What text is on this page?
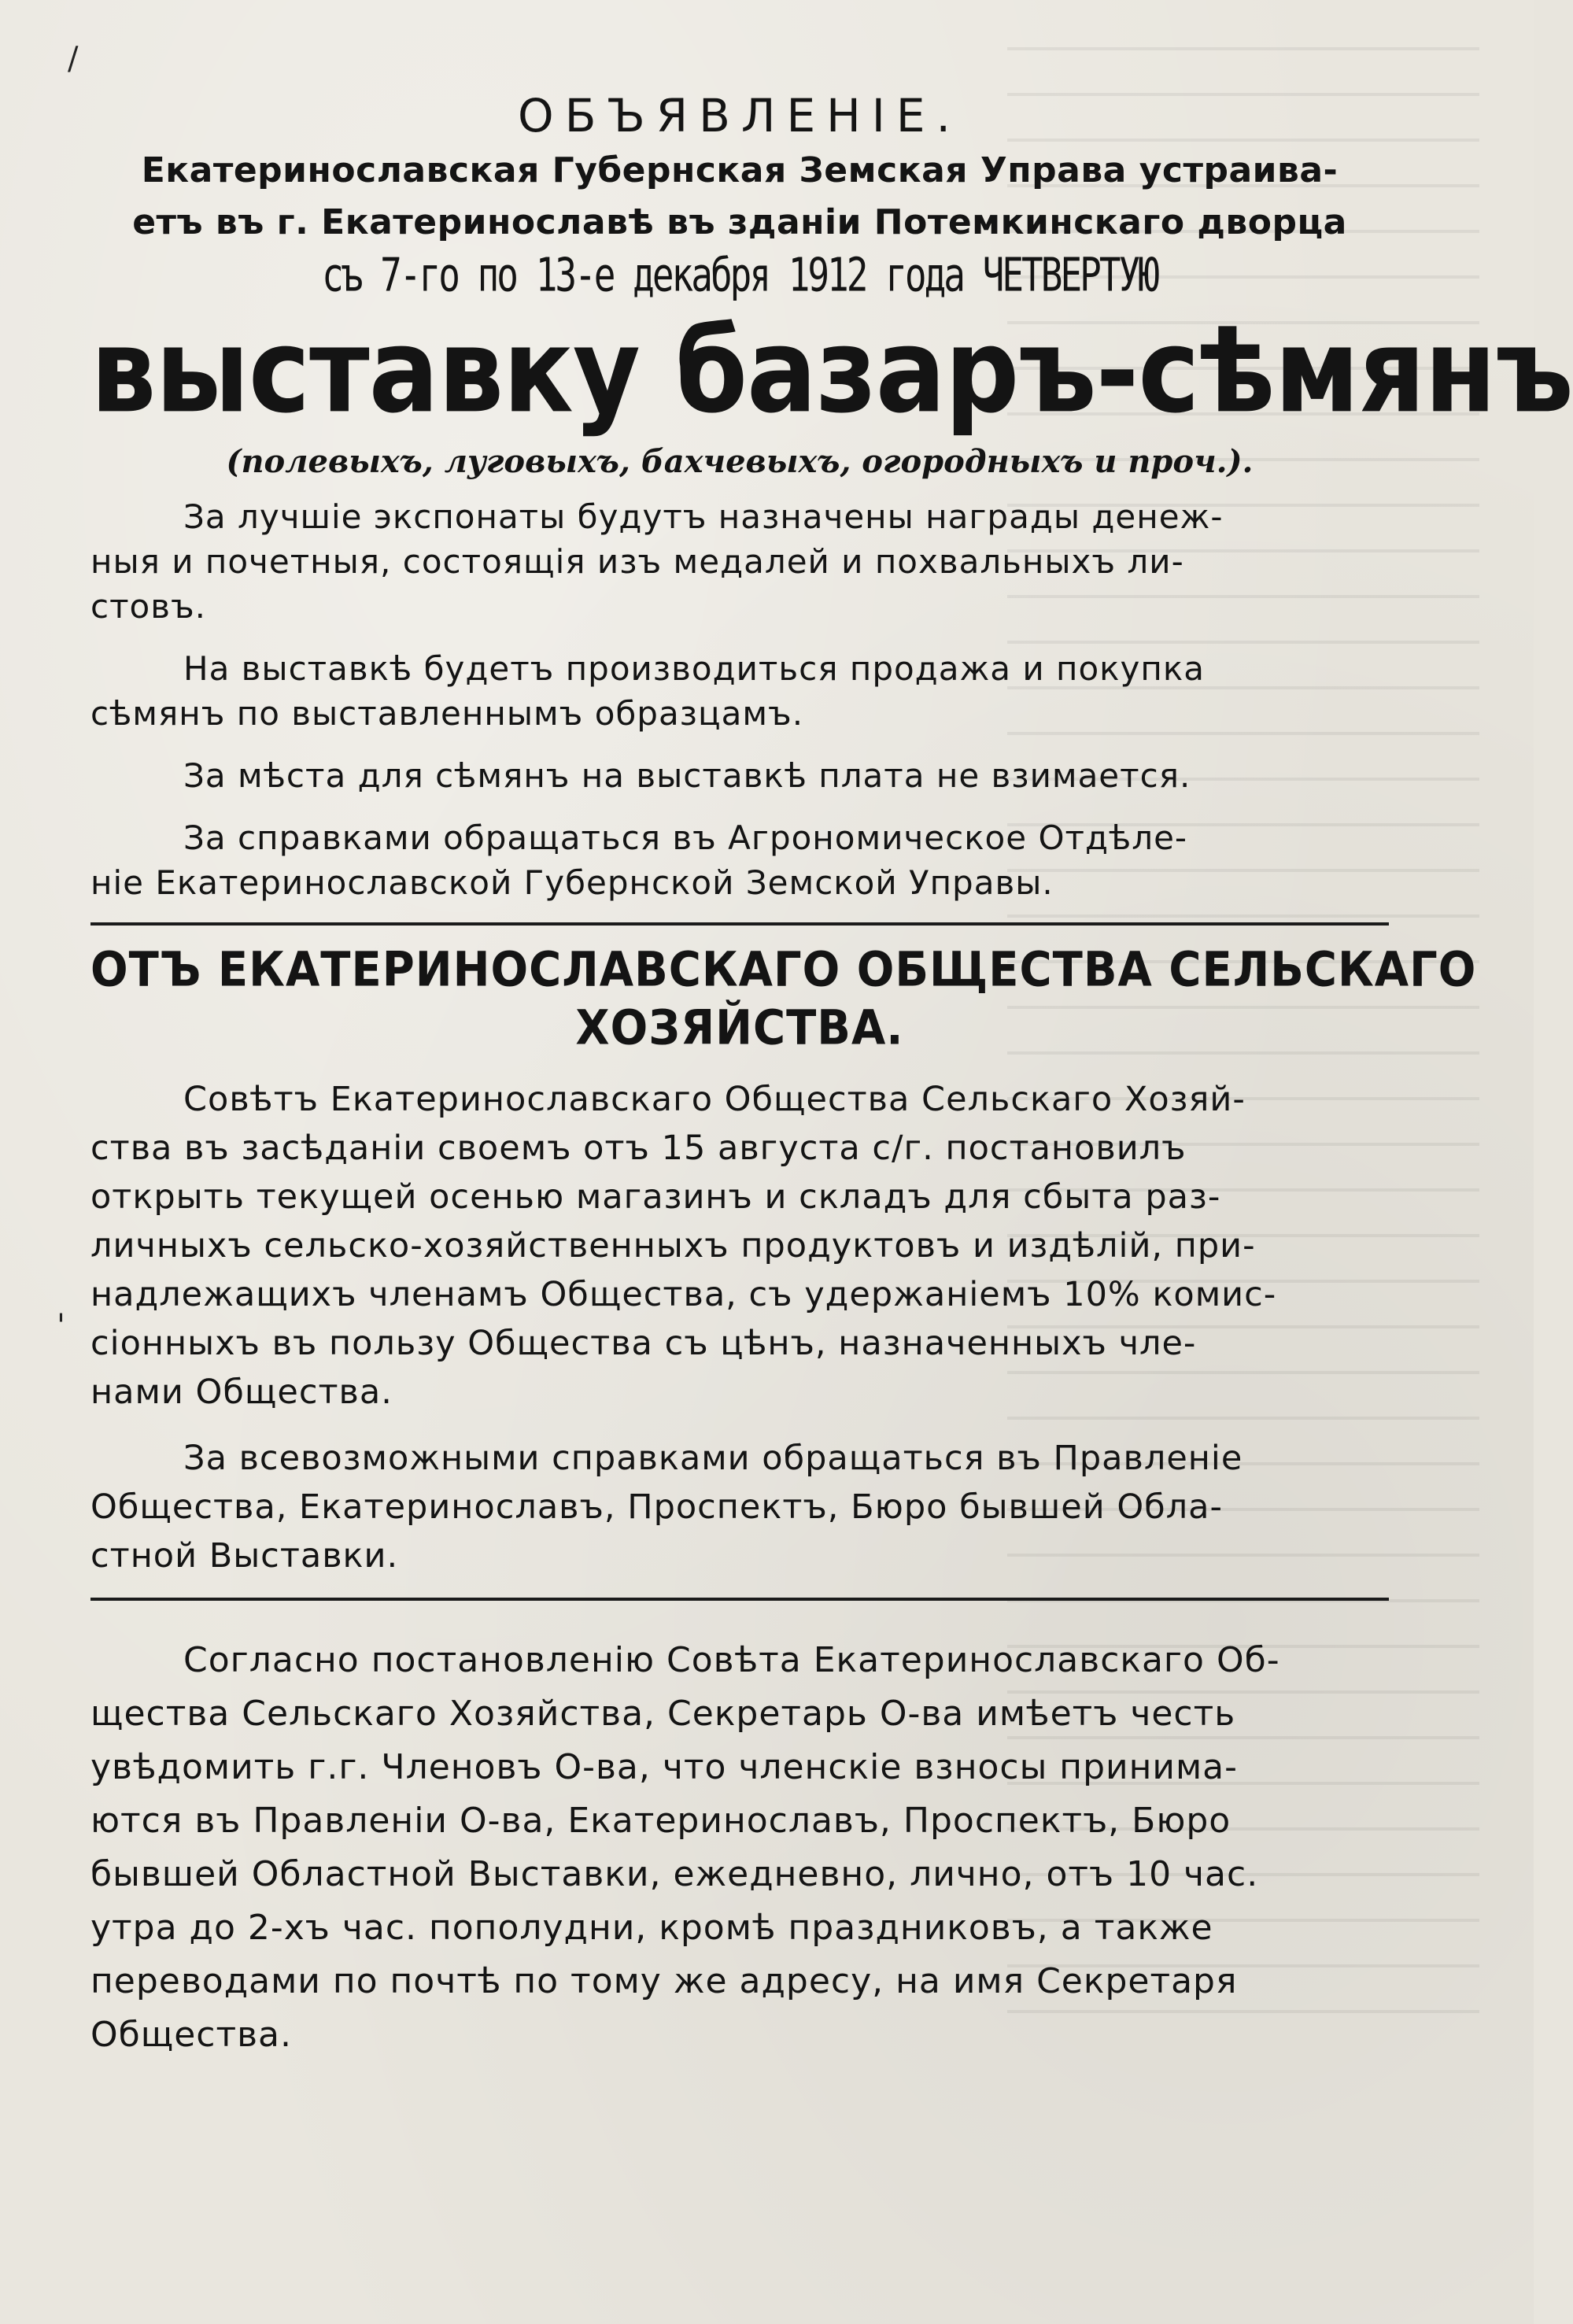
/
'
ОБЪЯВЛЕНІЕ.
Екатеринославская Губернская Земская Управа устраива-
етъ въ г. Екатеринославѣ въ зданіи Потемкинскаго дворца
съ 7-го по 13-е декабря 1912 года ЧЕТВЕРТУЮ
выставку базаръ-сѣмянъ
(полевыхъ, луговыхъ, бахчевыхъ, огородныхъ и проч.).
За лучшіе экспонаты будутъ назначены награды денеж-
ныя и почетныя, состоящія изъ медалей и похвальныхъ ли-
стовъ.
На выставкѣ будетъ производиться продажа и покупка
сѣмянъ по выставленнымъ образцамъ.
За мѣста для сѣмянъ на выставкѣ плата не взимается.
За справками обращаться въ Агрономическое Отдѣле-
ніе Екатеринославской Губернской Земской Управы.
ОТЪ ЕКАТЕРИНОСЛАВСКАГО ОБЩЕСТВА СЕЛЬСКАГО
ХОЗЯЙСТВА.
Совѣтъ Екатеринославскаго Общества Сельскаго Хозяй-
ства въ засѣданіи своемъ отъ 15 августа с/г. постановилъ
открыть текущей осенью магазинъ и складъ для сбыта раз-
личныхъ сельско-хозяйственныхъ продуктовъ и издѣлій, при-
надлежащихъ членамъ Общества, съ удержаніемъ 10% комис-
сіонныхъ въ пользу Общества съ цѣнъ, назначенныхъ чле-
нами Общества.
За всевозможными справками обращаться въ Правленіе
Общества, Екатеринославъ, Проспектъ, Бюро бывшей Обла-
стной Выставки.
Согласно постановленію Совѣта Екатеринославскаго Об-
щества Сельскаго Хозяйства, Секретарь О-ва имѣетъ честь
увѣдомить г.г. Членовъ О-ва, что членскіе взносы принима-
ются въ Правленіи О-ва, Екатеринославъ, Проспектъ, Бюро
бывшей Областной Выставки, ежедневно, лично, отъ 10 час.
утра до 2-хъ час. пополудни, кромѣ праздниковъ, а также
переводами по почтѣ по тому же адресу, на имя Секретаря
Общества.
